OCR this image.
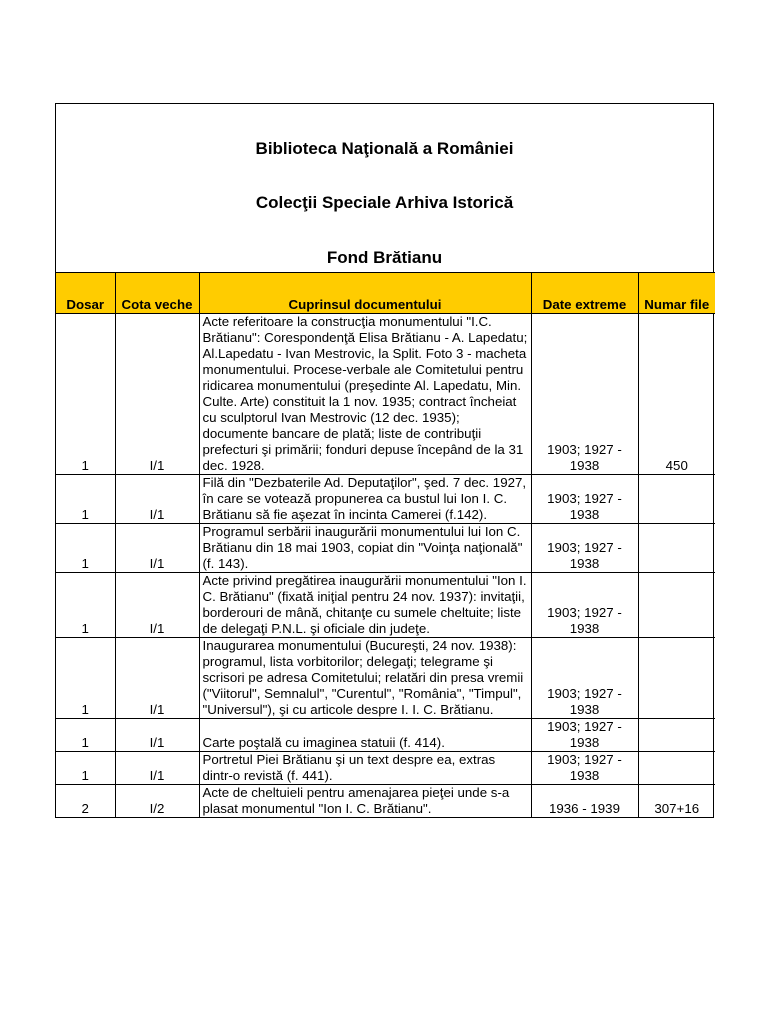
Biblioteca Naţională a României
Colecţii Speciale Arhiva Istorică
Fond Brătianu
Dosar	Cota veche	Cuprinsul documentului	Date extreme	Numar file
1	I/1	Acte referitoare la construcţia monumentului "I.C. Brătianu": Corespondenţă Elisa Brătianu - A. Lapedatu; Al.Lapedatu - Ivan Mestrovic, la Split. Foto 3 - macheta monumentului. Procese-verbale ale Comitetului pentru ridicarea monumentului (preşedinte Al. Lapedatu, Min. Culte. Arte) constituit la 1 nov. 1935; contract încheiat cu sculptorul Ivan Mestrovic (12 dec. 1935); documente bancare de plată; liste de contribuţii prefecturi şi primării; fonduri depuse începând de la 31 dec. 1928.	1903; 1927 - 1938	450
1	I/1	Filă din "Dezbaterile Ad. Deputaţilor", şed. 7 dec. 1927, în care se votează propunerea ca bustul lui Ion I. C. Brătianu să fie aşezat în incinta Camerei (f.142).	1903; 1927 - 1938	
1	I/1	Programul serbării inaugurării monumentului lui Ion C. Brătianu din 18 mai 1903, copiat din "Voinţa naţională" (f. 143).	1903; 1927 - 1938	
1	I/1	Acte privind pregătirea inaugurării monumentului "Ion I. C. Brătianu" (fixată iniţial pentru 24 nov. 1937): invitaţii, borderouri de mână, chitanţe cu sumele cheltuite; liste de delegaţi P.N.L. şi oficiale din judeţe.	1903; 1927 - 1938	
1	I/1	Inaugurarea monumentului (Bucureşti, 24 nov. 1938): programul, lista vorbitorilor; delegaţi; telegrame şi scrisori pe adresa Comitetului; relatări din presa vremii ("Viitorul", Semnalul", "Curentul", "România", "Timpul", "Universul"), şi cu articole despre I. I. C. Brătianu.	1903; 1927 - 1938	
1	I/1	Carte poştală cu imaginea statuii (f. 414).	1903; 1927 - 1938	
1	I/1	Portretul Piei Brătianu şi un text despre ea, extras dintr-o revistă (f. 441).	1903; 1927 - 1938	
2	I/2	Acte de cheltuieli pentru amenajarea pieţei unde s-a plasat monumentul "Ion I. C. Brătianu".	1936 - 1939	307+16
